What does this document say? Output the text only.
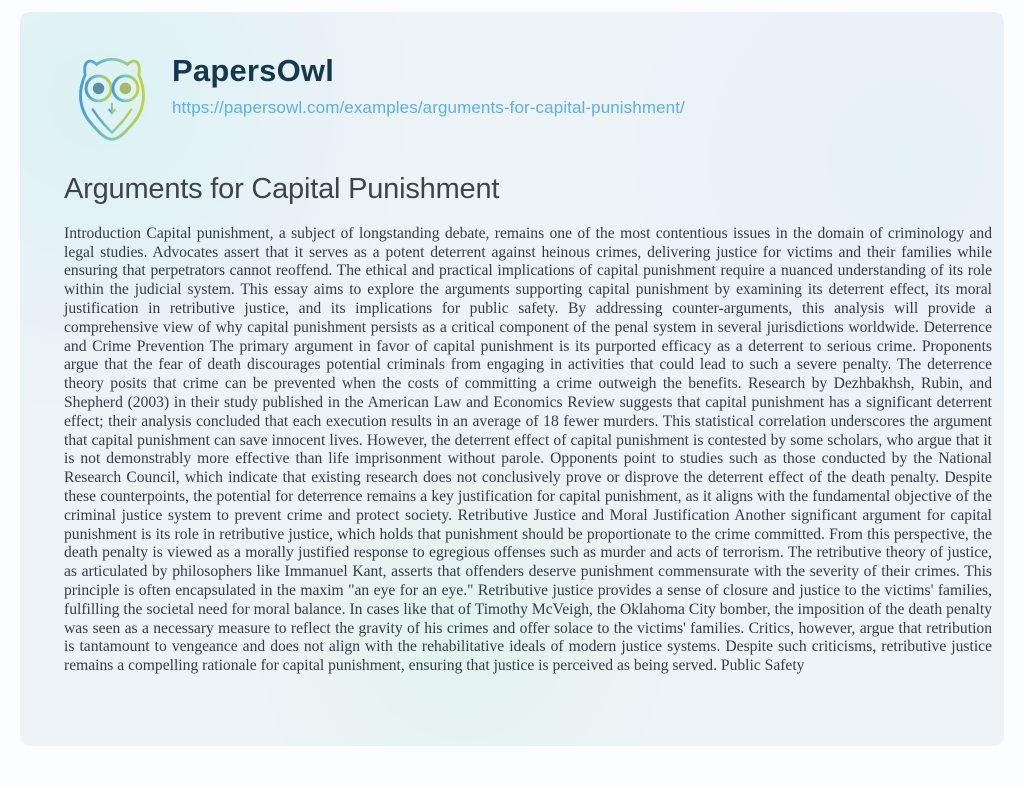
PapersOwl
https://papersowl.com/examples/arguments-for-capital-punishment/
Arguments for Capital Punishment

Introduction Capital punishment, a subject of longstanding debate, remains one of the most contentious issues in the domain of criminology and legal studies. Advocates assert that it serves as a potent deterrent against heinous crimes, delivering justice for victims and their families while ensuring that perpetrators cannot reoffend. The ethical and practical implications of capital punishment require a nuanced understanding of its role within the judicial system. This essay aims to explore the arguments supporting capital punishment by examining its deterrent effect, its moral justification in retributive justice, and its implications for public safety. By addressing counter-arguments, this analysis will provide a comprehensive view of why capital punishment persists as a critical component of the penal system in several jurisdictions worldwide. Deterrence and Crime Prevention The primary argument in favor of capital punishment is its purported efficacy as a deterrent to serious crime. Proponents argue that the fear of death discourages potential criminals from engaging in activities that could lead to such a severe penalty. The deterrence theory posits that crime can be prevented when the costs of committing a crime outweigh the benefits. Research by Dezhbakhsh, Rubin, and Shepherd (2003) in their study published in the American Law and Economics Review suggests that capital punishment has a significant deterrent effect; their analysis concluded that each execution results in an average of 18 fewer murders. This statistical correlation underscores the argument that capital punishment can save innocent lives. However, the deterrent effect of capital punishment is contested by some scholars, who argue that it is not demonstrably more effective than life imprisonment without parole. Opponents point to studies such as those conducted by the National Research Council, which indicate that existing research does not conclusively prove or disprove the deterrent effect of the death penalty. Despite these counterpoints, the potential for deterrence remains a key justification for capital punishment, as it aligns with the fundamental objective of the criminal justice system to prevent crime and protect society. Retributive Justice and Moral Justification Another significant argument for capital punishment is its role in retributive justice, which holds that punishment should be proportionate to the crime committed. From this perspective, the death penalty is viewed as a morally justified response to egregious offenses such as murder and acts of terrorism. The retributive theory of justice, as articulated by philosophers like Immanuel Kant, asserts that offenders deserve punishment commensurate with the severity of their crimes. This principle is often encapsulated in the maxim "an eye for an eye." Retributive justice provides a sense of closure and justice to the victims' families, fulfilling the societal need for moral balance. In cases like that of Timothy McVeigh, the Oklahoma City bomber, the imposition of the death penalty was seen as a necessary measure to reflect the gravity of his crimes and offer solace to the victims' families. Critics, however, argue that retribution is tantamount to vengeance and does not align with the rehabilitative ideals of modern justice systems. Despite such criticisms, retributive justice remains a compelling rationale for capital punishment, ensuring that justice is perceived as being served. Public Safety
